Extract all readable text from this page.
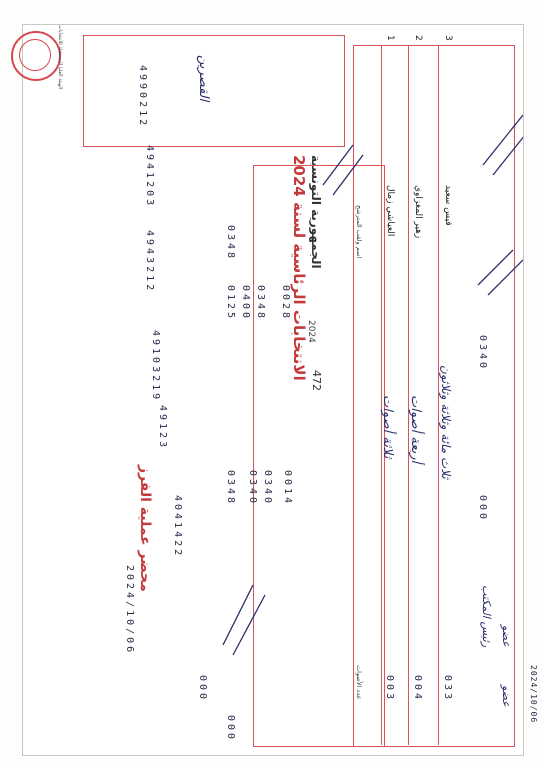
الجمهورية التونسية
الانتخابات الرئاسية لسنة 2024 472
محضر عملية الفرز
2024
القصرين
2024/10/06
4041422
49123
49103219
4943212
4941203
4990212
0348 0340 0340 0014
0348
0125 0400 0348 0028
000
000
اسم ولقب المترشح
عدد الأصوات
1
العياشي زمال
ثلاثة أصوات
003
2
زهير المغزاوي
أربعة أصوات
004
3
قيس سعيد
ثلاث مائة وثلاثة وثلاثون
033
0340
000
رئيس المكتب عضو
عضو 2024/10/06
الهيئة العليا المستقلة للانتخابات
